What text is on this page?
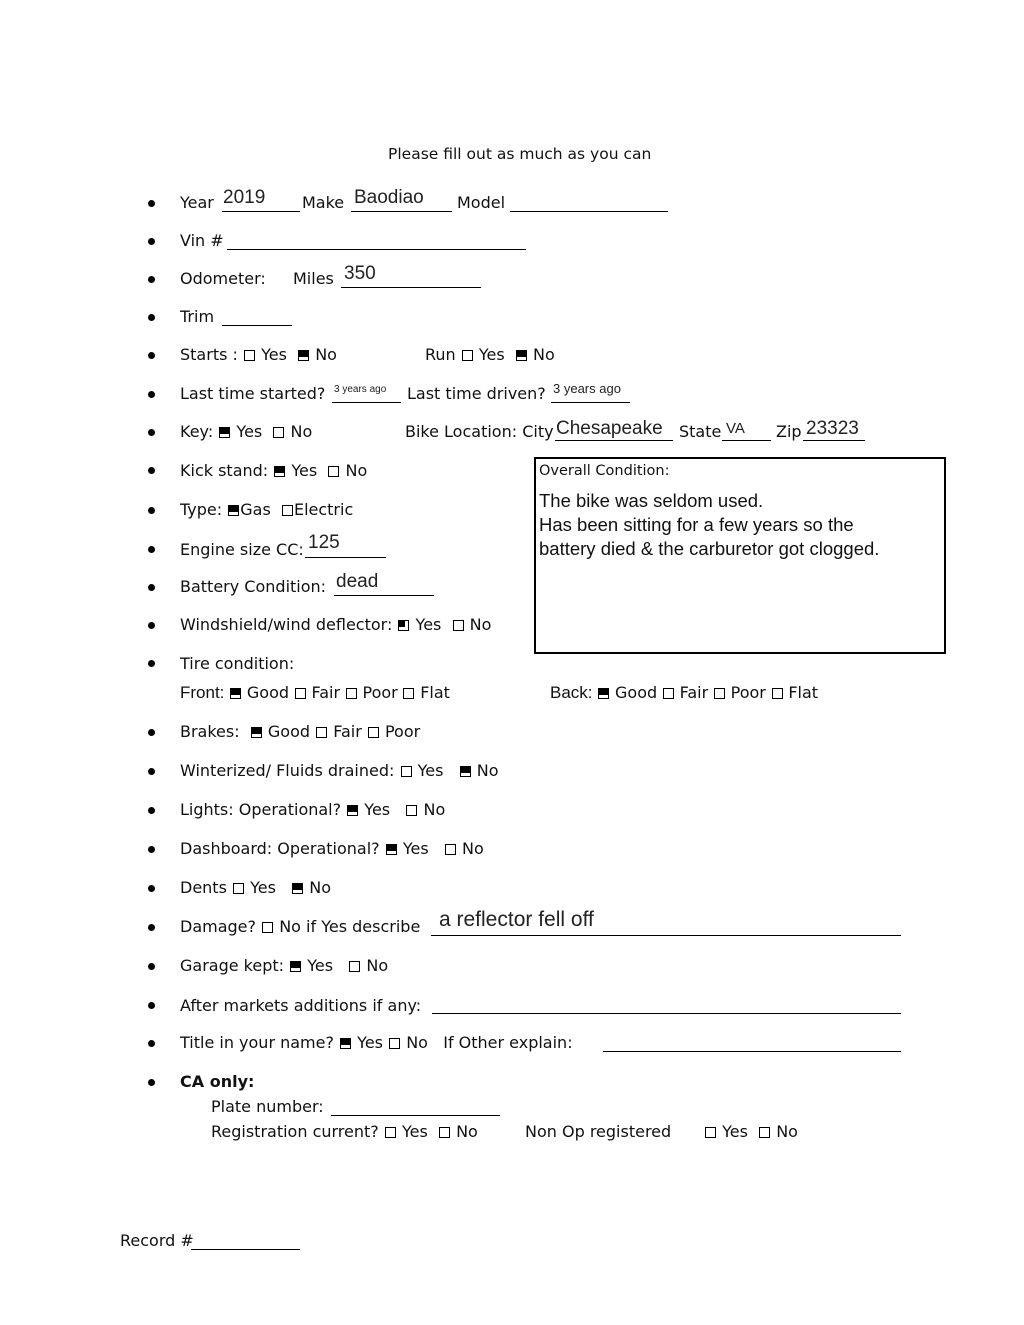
Please fill out as much as you can
Year 2019 Make Baodiao Model
Vin #
Odometer: Miles 350
Trim
Starts : Yes No	Run Yes No
Last time started? 3 years ago Last time driven? 3 years ago
Key: Yes No	Bike Location: City Chesapeake State VA Zip 23323
Overall Condition:
The bike was seldom used.
Has been sitting for a few years so the
battery died & the carburetor got clogged.
Kick stand: Yes No
Type: Gas Electric
Engine size CC: 125
Battery Condition: dead
Windshield/wind deflector: Yes No
Tire condition:
Front: Good Fair Poor Flat	Back: Good Fair Poor Flat
Brakes: Good Fair Poor
Winterized/ Fluids drained: Yes No
Lights: Operational? Yes No
Dashboard: Operational? Yes No
Dents Yes No
Damage? No if Yes describe a reflector fell off
Garage kept: Yes No
After markets additions if any:
Title in your name? Yes No If Other explain:
CA only:
Plate number:
Registration current? Yes No	Non Op registered	Yes No
Record #
